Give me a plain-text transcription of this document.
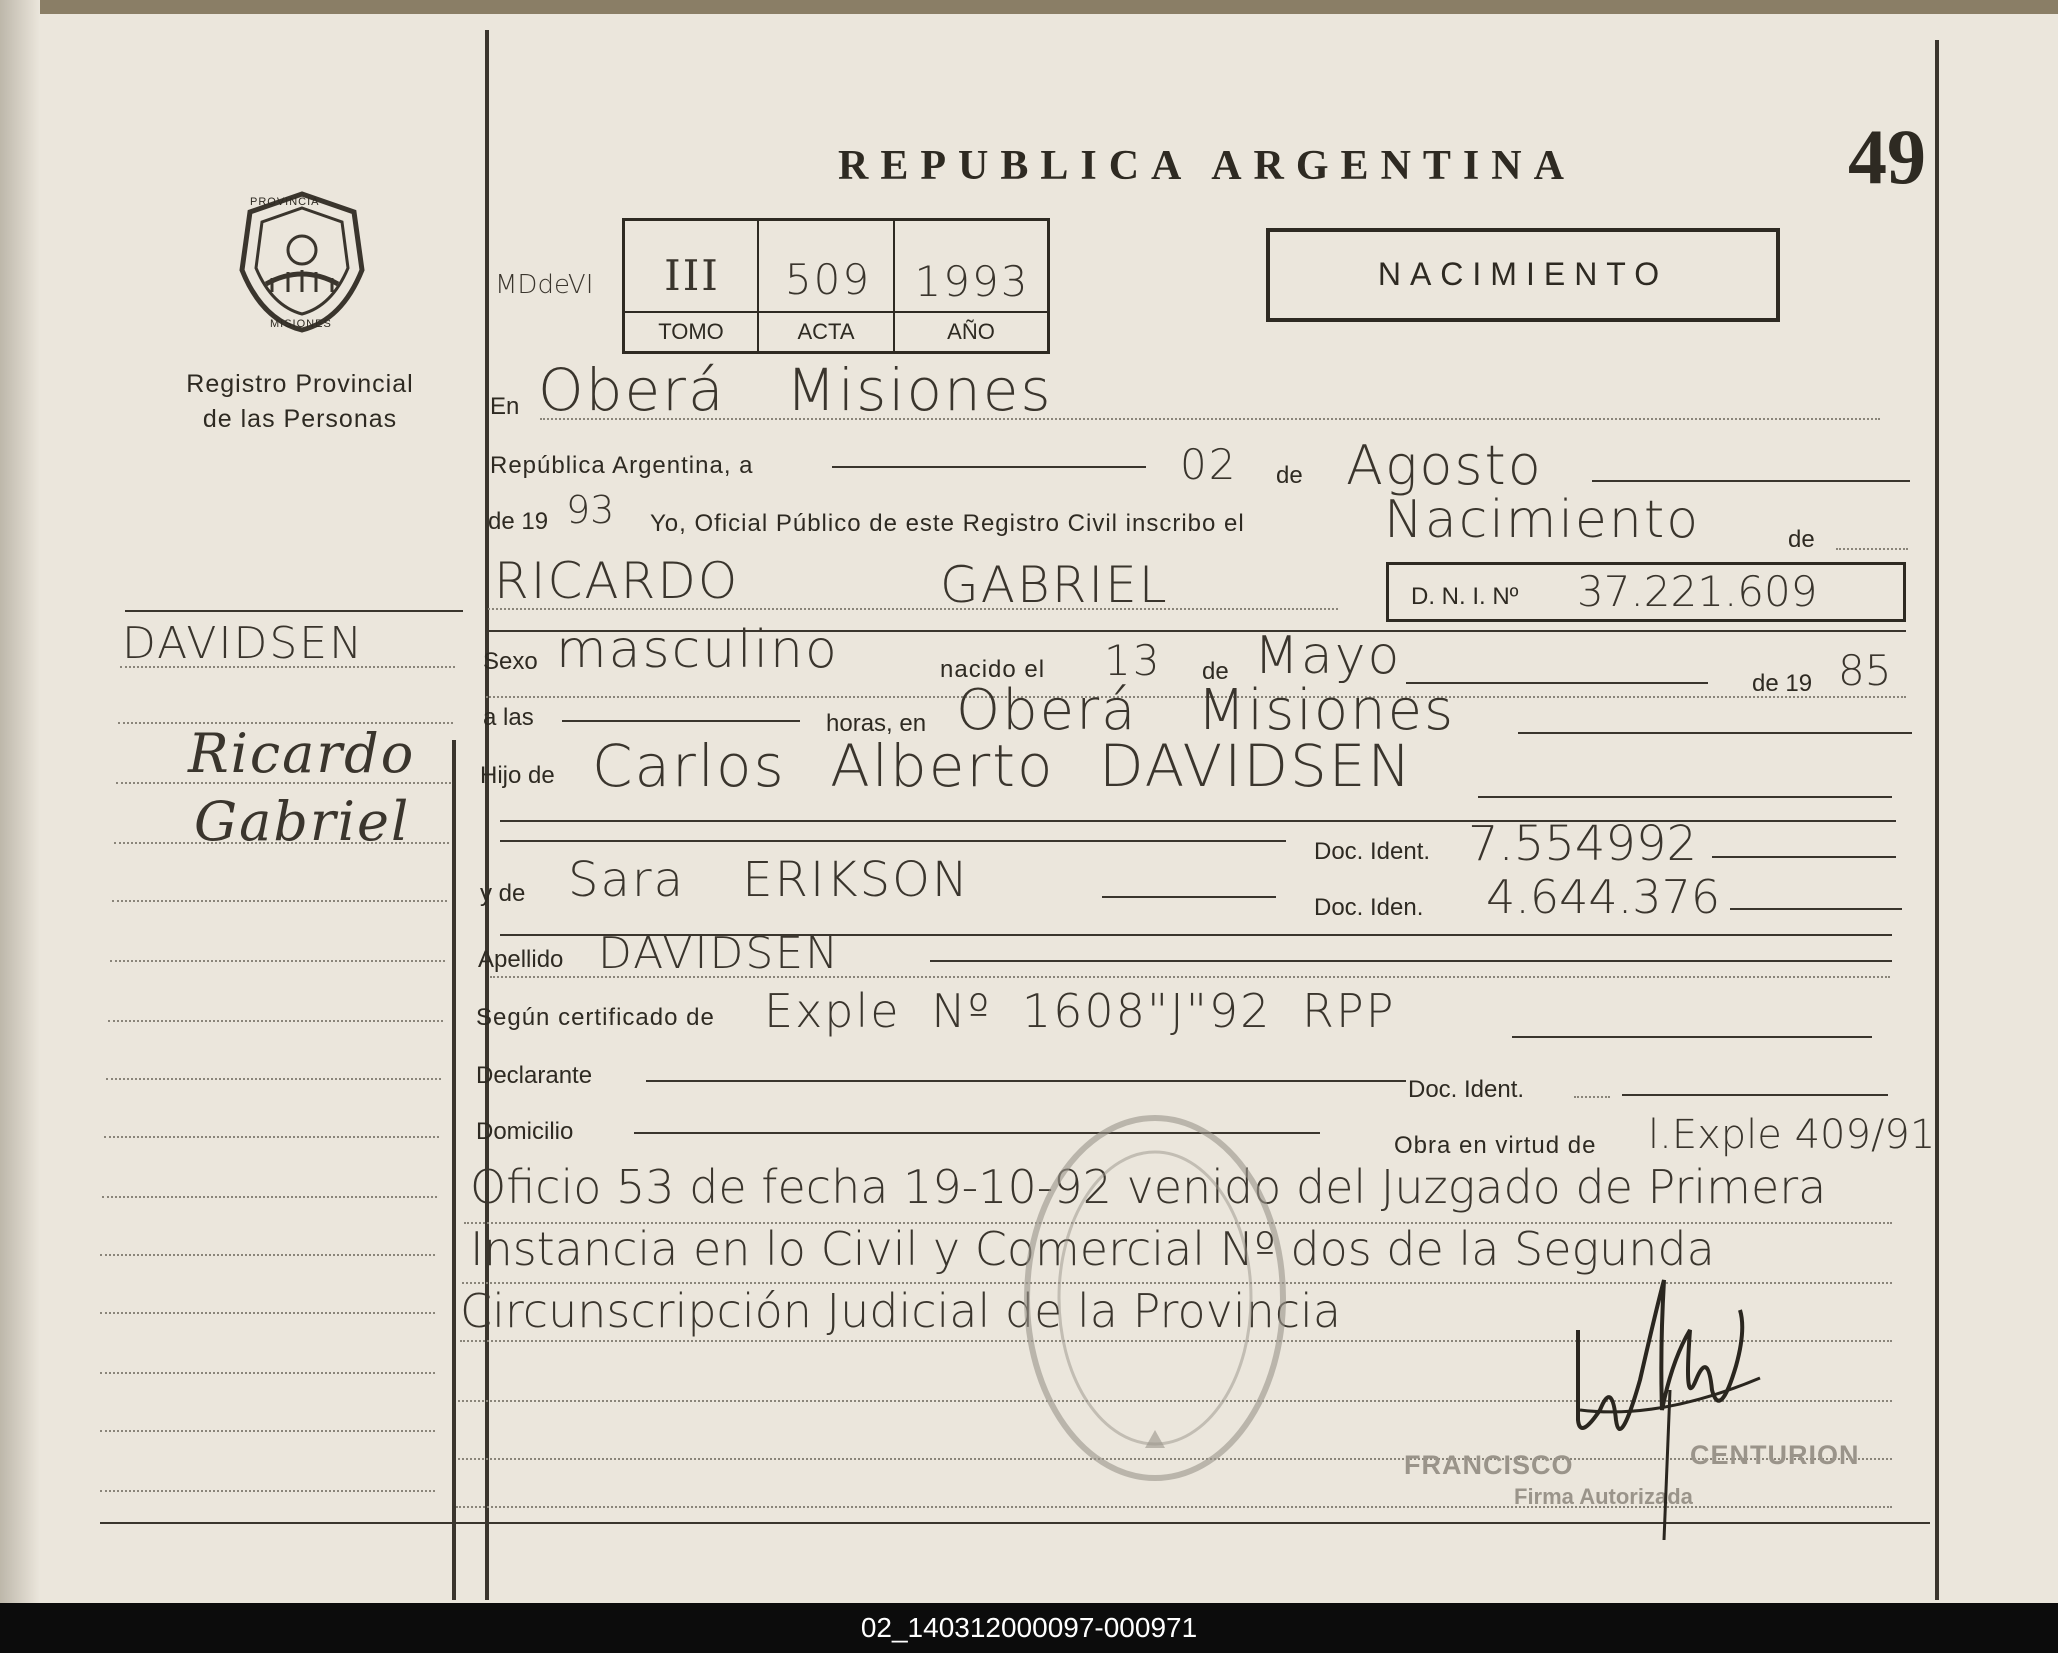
REPUBLICA ARGENTINA	49
NACIMIENTO
MDdeVI	III	509	1993
TOMO	ACTA	AÑO
PROVINCIA
MISIONES
Registro Provincial
de las Personas
DAVIDSEN
Ricardo
Gabriel
En Oberá Misiones
República Argentina, a	02 de Agosto
de 19 93 Yo, Oficial Público de este Registro Civil inscribo el	Nacimiento	de
RICARDO	GABRIEL	D. N. I. Nº 37.221.609
Sexo masculino	nacido el 13 de Mayo	de 19 85
a las	horas, en Oberá Misiones
Hijo de Carlos Alberto DAVIDSEN
Doc. Ident. 7.554992
y de Sara ERIKSON	Doc. Iden. 4.644.376
Apellido DAVIDSEN
Según certificado de Exple Nº 1608"J"92 RPP
Declarante
Doc. Ident.
Domicilio
Obra en virtud de l.Exple 409/91
Oficio 53 de fecha 19-10-92 venido del Juzgado de Primera
Instancia en lo Civil y Comercial Nº dos de la Segunda
Circunscripción Judicial de la Provincia
FRANCISCO	CENTURION
Firma Autorizada
02_140312000097-000971
